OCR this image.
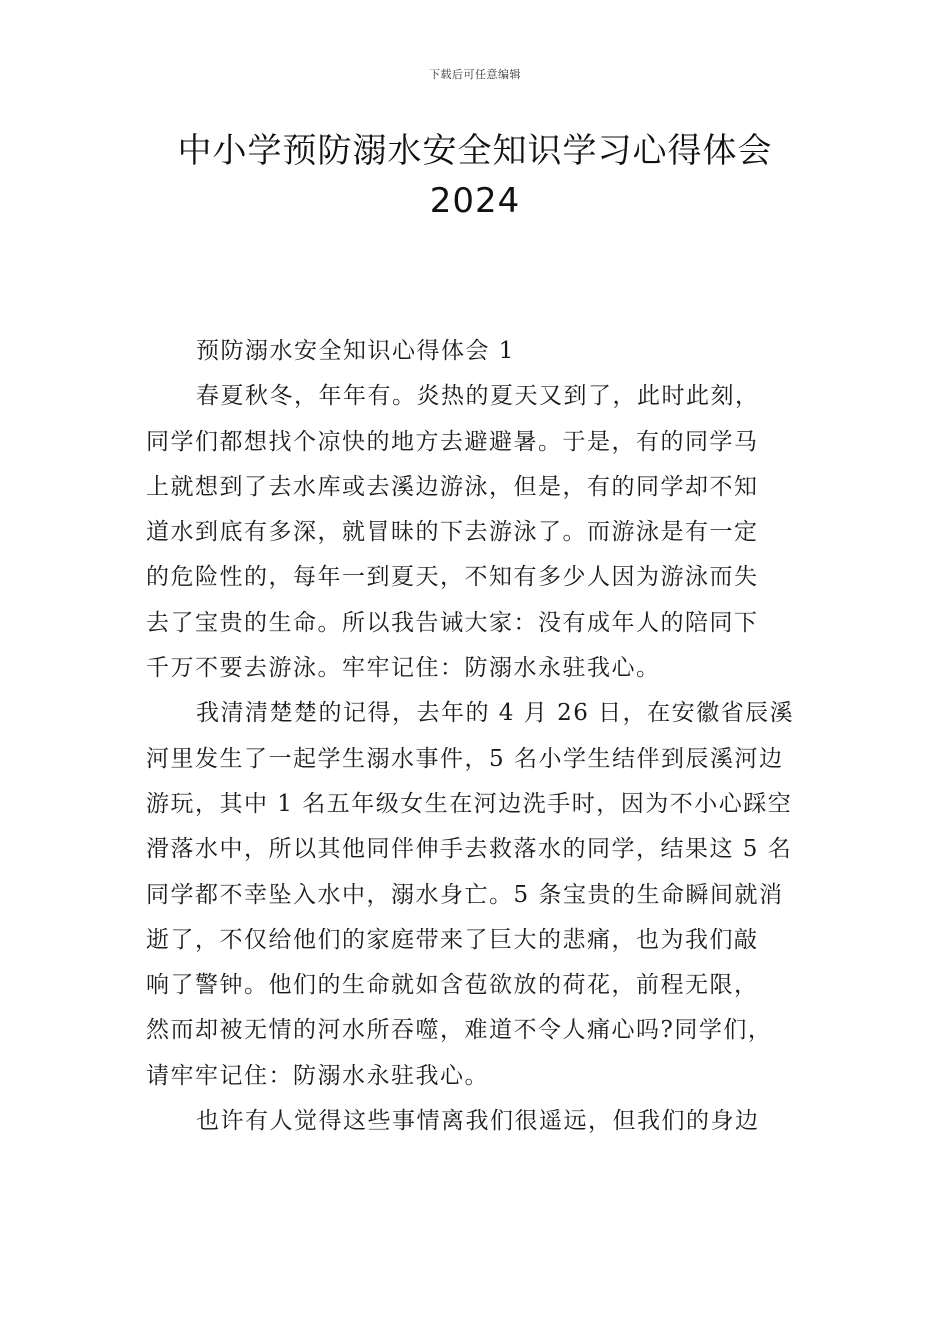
下载后可任意编辑
中小学预防溺水安全知识学习心得体会
2024
预防溺水安全知识心得体会 1
春夏秋冬，年年有。炎热的夏天又到了，此时此刻，
同学们都想找个凉快的地方去避避暑。于是，有的同学马
上就想到了去水库或去溪边游泳，但是，有的同学却不知
道水到底有多深，就冒昧的下去游泳了。而游泳是有一定
的危险性的，每年一到夏天，不知有多少人因为游泳而失
去了宝贵的生命。所以我告诫大家：没有成年人的陪同下
千万不要去游泳。牢牢记住：防溺水永驻我心。
我清清楚楚的记得，去年的 4 月 26 日，在安徽省辰溪
河里发生了一起学生溺水事件，5 名小学生结伴到辰溪河边
游玩，其中 1 名五年级女生在河边洗手时，因为不小心踩空
滑落水中，所以其他同伴伸手去救落水的同学，结果这 5 名
同学都不幸坠入水中，溺水身亡。5 条宝贵的生命瞬间就消
逝了，不仅给他们的家庭带来了巨大的悲痛，也为我们敲
响了警钟。他们的生命就如含苞欲放的荷花，前程无限，
然而却被无情的河水所吞噬，难道不令人痛心吗?同学们，
请牢牢记住：防溺水永驻我心。
也许有人觉得这些事情离我们很遥远，但我们的身边
